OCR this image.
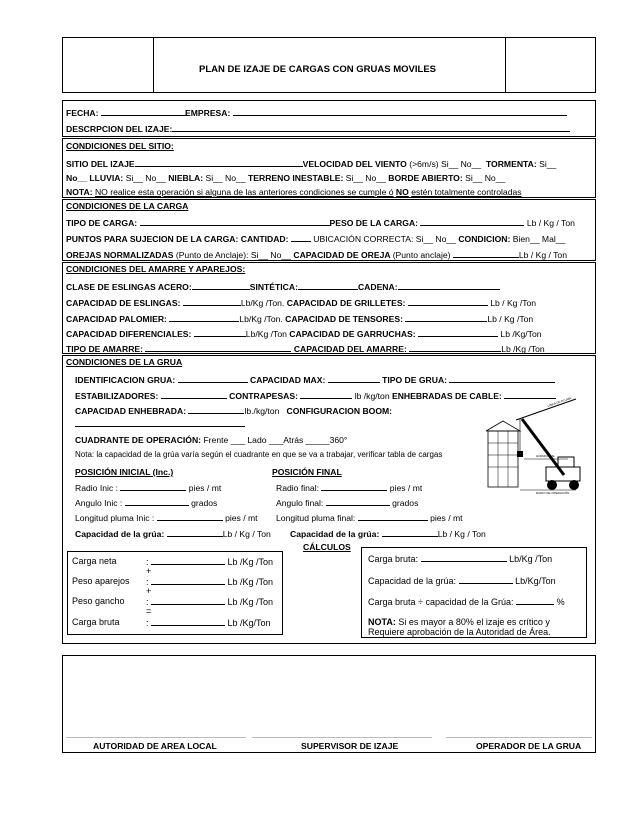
PLAN DE IZAJE DE CARGAS CON GRUAS MOVILES
FECHA:	EMPRESA:
DESCRPCION DEL IZAJE:
CONDICIONES DEL SITIO:
SITIO DEL IZAJE	VELOCIDAD DEL VIENTO (>6m/s) Si__ No__ TORMENTA: Si__
No__ LLUVIA: Si__ No__ NIEBLA: Si__ No__ TERRENO INESTABLE: Si__ No__ BORDE ABIERTO: Si__ No__
NOTA: NO realice esta operación si alguna de las anteriores condiciones se cumple ó NO estén totalmente controladas
CONDICIONES DE LA CARGA
TIPO DE CARGA:	PESO DE LA CARGA:	Lb / Kg / Ton
PUNTOS PARA SUJECION DE LA CARGA: CANTIDAD:	UBICACIÓN CORRECTA: Si__ No__ CONDICION: Bien__ Mal__
OREJAS NORMALIZADAS (Punto de Anclaje): Si__ No__ CAPACIDAD DE OREJA (Punto anclaje)	Lb / Kg / Ton
CONDICIONES DEL AMARRE Y APAREJOS:
CLASE DE ESLINGAS ACERO:	SINTÉTICA:	CADENA:
CAPACIDAD DE ESLINGAS:	Lb/Kg /Ton. CAPACIDAD DE GRILLETES:	Lb / Kg /Ton
CAPACIDAD PALOMIER:	Lb/Kg /Ton. CAPACIDAD DE TENSORES:	Lb / Kg /Ton
CAPACIDAD DIFERENCIALES:	Lb/Kg /Ton CAPACIDAD DE GARRUCHAS:	Lb /Kg/Ton
TIPO DE AMARRE:	CAPACIDAD DEL AMARRE:	Lb /Kg /Ton
CONDICIONES DE LA GRUA
IDENTIFICACION GRUA:	CAPACIDAD MAX:	TIPO DE GRUA:
ESTABILIZADORES:	CONTRAPESAS:	lb /kg/ton ENHEBRADAS DE CABLE:
CAPACIDAD ENHEBRADA:	lb./kg/ton CONFIGURACION BOOM:
CUADRANTE DE OPERACIÓN: Frente ___ Lado ___Atrás _____360°
Nota: la capacidad de la grúa varía según el cuadrante en que se va a trabajar, verificar tabla de cargas
LÍNEA DE PLUMA
HORIZONTAL
RADIO DE OPERACIÓN
POSICIÓN INICIAL (Inc.)	POSICIÓN FINAL
Radio Inic :	pies / mt	Radio final:	pies / mt
Angulo Inic :	grados	Angulo final:	grados
Longitud pluma Inic :	pies / mt Longitud pluma final:	pies / mt
Capacidad de la grúa:	Lb / Kg / Ton Capacidad de la grúa:	Lb / Kg / Ton
CÁLCULOS
Carga neta	:	Lb /Kg /Ton
+
Peso aparejos :	Lb /Kg /Ton
+
Peso gancho :	Lb /Kg /Ton
=
Carga bruta	:	Lb /Kg/Ton
Carga bruta:	Lb/Kg /Ton
Capacidad de la grúa:	Lb/Kg/Ton
Carga bruta ÷ capacidad de la Grúa:	%
NOTA: Si es mayor a 80% el izaje es crítico y
Requiere aprobación de la Autoridad de Área.
AUTORIDAD DE AREA LOCAL	SUPERVISOR DE IZAJE	OPERADOR DE LA GRUA
